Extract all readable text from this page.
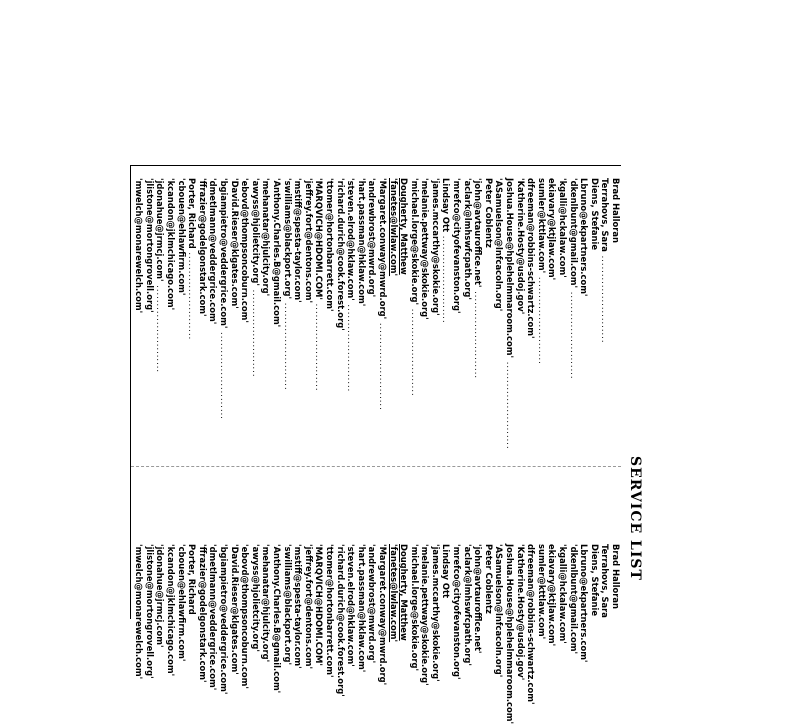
SERVICE LIST
Brad Halloran
Terrahovs, Sara ........................
Diens, Stefanie
Lbruno@ekpartners.com'
'dkenlbunt@gmail.com' ........................
'kgalli@hckalaw.com'
ekiavary@ktjlaw.com'
sumler@kttlaw.com' ........................
dfreeman@robbins-schwartz.com'
'Katherine.Hosty@usdoj.gov'
Joshua.House@hplehelmmaroom.com' ........................
'ASamuelson@lnfcacoln.org'
Peter Coblentz
'john@avtaurofflce.net' ........................
'aclark@lmhswfcpath.org'
'mrefco@cityofevanston.org'
Lindsay Ott ........................
'james.mccarthy@skokie.org'
'melanie.pettway@skokie.org'
'michael.lorge@skokie.org' ........................
Dougherty, Matthew
'fanetes@lwlaw.com'
'Margaret.conway@mwrd.org' ........................
'andrewbrost@mwrd.org'
'hart.passman@hklaw.com'
'steven.elrod@hklaw.com' ........................
'richard.durich@cook.forest.org'
'ttomer@hortonbarrett.com'
'MARQVICH@HDOMI.COM' ........................
'jeffrey.fort@dentons.com'
'mstiff@spesta-taylor.com'
'swilliams@blackport.org' ........................
'Anthony.Charles.B@gmail.com'
'mehanatar@hjulcity.org'
'awyss@hjolietcity.org' ........................
'ebovd@thompsoncoburn.com'
'David.Rieser@klgates.com'
'bgiampietro@veddergrice.com' ........................
'dmetlmann@veddergrice.com'
'ffrazier@godelgonstark.com'
Porter, Richard ........................
'cbouen@ehlawfirm.com'
'kcandon@jklmchicago.com'
'jdonahue@jrmcj.com' ........................
'jlistone@mortongrovell.org'
'mwelch@monarewelch.com'
Brad Halloran
Terrahovs, Sara
Diens, Stefanie
Lbruno@ekpartners.com'
'dkenlbunt@gmail.com'
'kgalli@hckalaw.com'
ekiavary@ktjlaw.com'
sumler@kttlaw.com'
dfreeman@robbins-schwartz.com'
'Katherine.Hosty@usdoj.gov'
Joshua.House@hplehelmmaroom.com'
'ASamuelson@lnfcacoln.org'
Peter Coblentz
'john@avtaurofflce.net'
'aclark@lmhswfcpath.org'
'mrefco@cityofevanston.org'
Lindsay Ott
'james.mccarthy@skokie.org'
'melanie.pettway@skokie.org'
'michael.lorge@skokie.org'
Dougherty, Matthew
'fanetes@lwlaw.com'
'Margaret.conway@mwrd.org'
'andrewbrost@mwrd.org'
'hart.passman@hklaw.com'
'steven.elrod@hklaw.com'
'richard.durich@cook.forest.org'
'ttomer@hortonbarrett.com'
'MARQVICH@HDOMI.COM'
'jeffrey.fort@dentons.com'
'mstiff@spesta-taylor.com'
'swilliams@blackport.org'
'Anthony.Charles.B@gmail.com'
'mehanatar@hjulcity.org'
'awyss@hjolietcity.org'
'ebovd@thompsoncoburn.com'
'David.Rieser@klgates.com'
'bgiampietro@veddergrice.com'
'dmetlmann@veddergrice.com'
'ffrazier@godelgonstark.com'
Porter, Richard
'cbouen@ehlawfirm.com'
'kcandon@jklmchicago.com'
'jdonahue@jrmcj.com'
'jlistone@mortongrovell.org'
'mwelch@monarewelch.com'
